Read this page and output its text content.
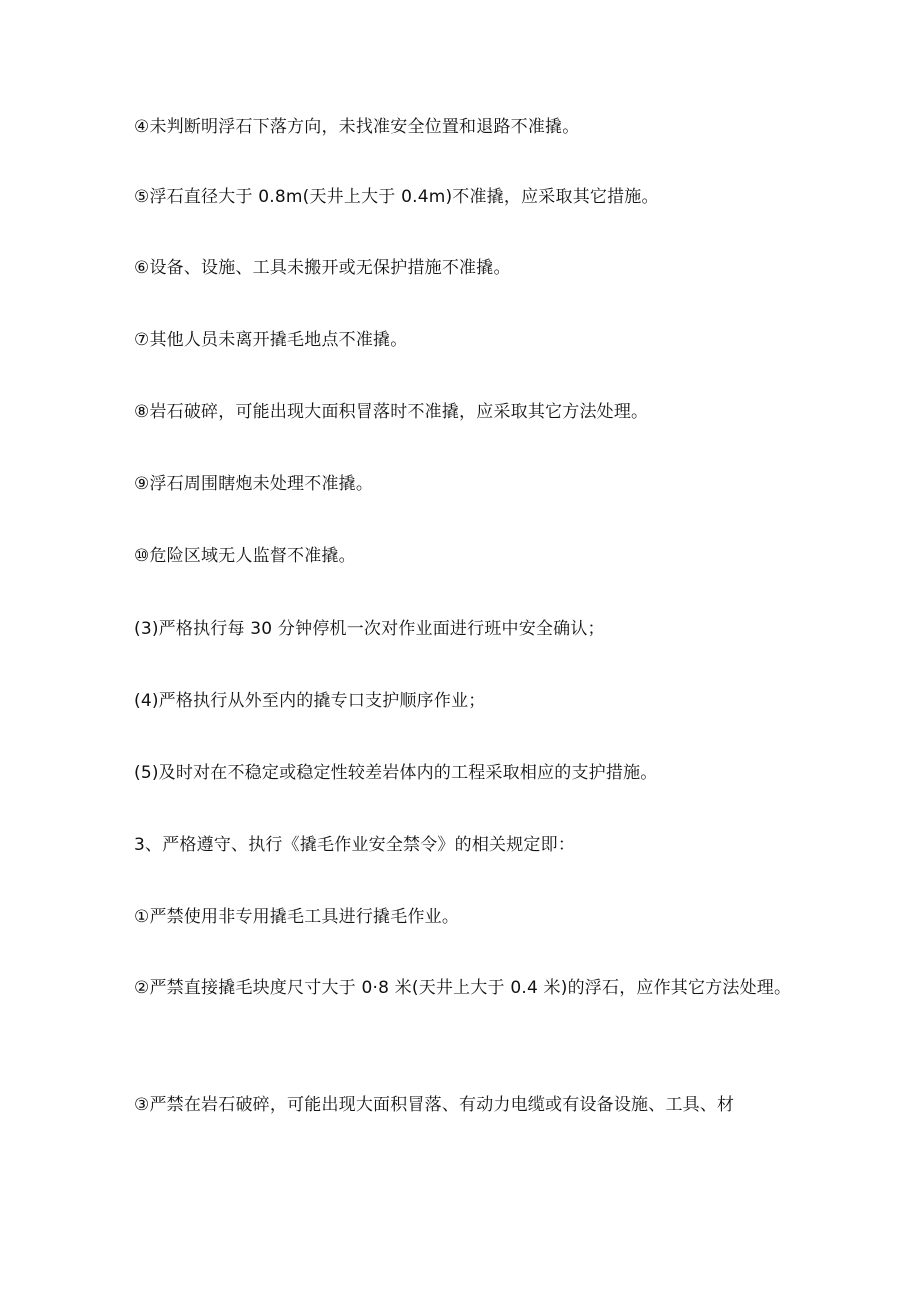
④未判断明浮石下落方向，未找准安全位置和退路不准撬。
⑤浮石直径大于 0.8m(天井上大于 0.4m)不准撬，应采取其它措施。
⑥设备、设施、工具未搬开或无保护措施不准撬。
⑦其他人员未离开撬毛地点不准撬。
⑧岩石破碎，可能出现大面积冒落时不准撬，应采取其它方法处理。
⑨浮石周围瞎炮未处理不准撬。
⑩危险区域无人监督不准撬。
(3)严格执行每 30 分钟停机一次对作业面进行班中安全确认；
(4)严格执行从外至内的撬专口支护顺序作业；
(5)及时对在不稳定或稳定性较差岩体内的工程采取相应的支护措施。
3、严格遵守、执行《撬毛作业安全禁令》的相关规定即：
①严禁使用非专用撬毛工具进行撬毛作业。
②严禁直接撬毛块度尺寸大于 0·8 米(天井上大于 0.4 米)的浮石，应作其它方法处理。
③严禁在岩石破碎，可能出现大面积冒落、有动力电缆或有设备设施、工具、材
